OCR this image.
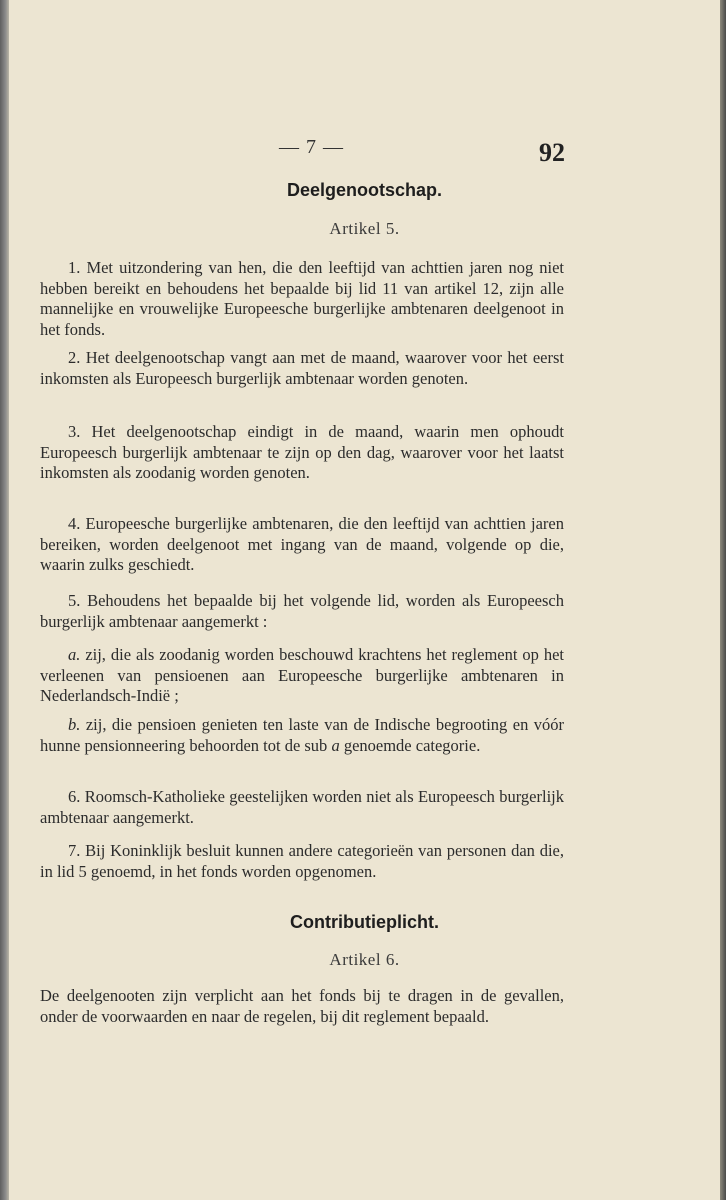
— 7 —	92
Deelgenootschap.
Artikel 5.
1. Met uitzondering van hen, die den leeftijd van achttien jaren nog niet hebben bereikt en behoudens het bepaalde bij lid 11 van artikel 12, zijn alle mannelijke en vrouwelijke Europeesche burgerlijke ambtenaren deelgenoot in het fonds.
2. Het deelgenootschap vangt aan met de maand, waarover voor het eerst inkomsten als Europeesch burgerlijk ambtenaar worden genoten.
3. Het deelgenootschap eindigt in de maand, waarin men ophoudt Europeesch burgerlijk ambtenaar te zijn op den dag, waarover voor het laatst inkomsten als zoodanig worden genoten.
4. Europeesche burgerlijke ambtenaren, die den leeftijd van achttien jaren bereiken, worden deelgenoot met ingang van de maand, volgende op die, waarin zulks geschiedt.
5. Behoudens het bepaalde bij het volgende lid, worden als Europeesch burgerlijk ambtenaar aangemerkt :
a. zij, die als zoodanig worden beschouwd krachtens het reglement op het verleenen van pensioenen aan Europeesche burgerlijke ambtenaren in Nederlandsch-Indië ;
b. zij, die pensioen genieten ten laste van de Indische begrooting en vóór hunne pensionneering behoorden tot de sub a genoemde categorie.
6. Roomsch-Katholieke geestelijken worden niet als Europeesch burgerlijk ambtenaar aangemerkt.
7. Bij Koninklijk besluit kunnen andere categorieën van personen dan die, in lid 5 genoemd, in het fonds worden opgenomen.
Contributieplicht.
Artikel 6.
De deelgenooten zijn verplicht aan het fonds bij te dragen in de gevallen, onder de voorwaarden en naar de regelen, bij dit reglement bepaald.
